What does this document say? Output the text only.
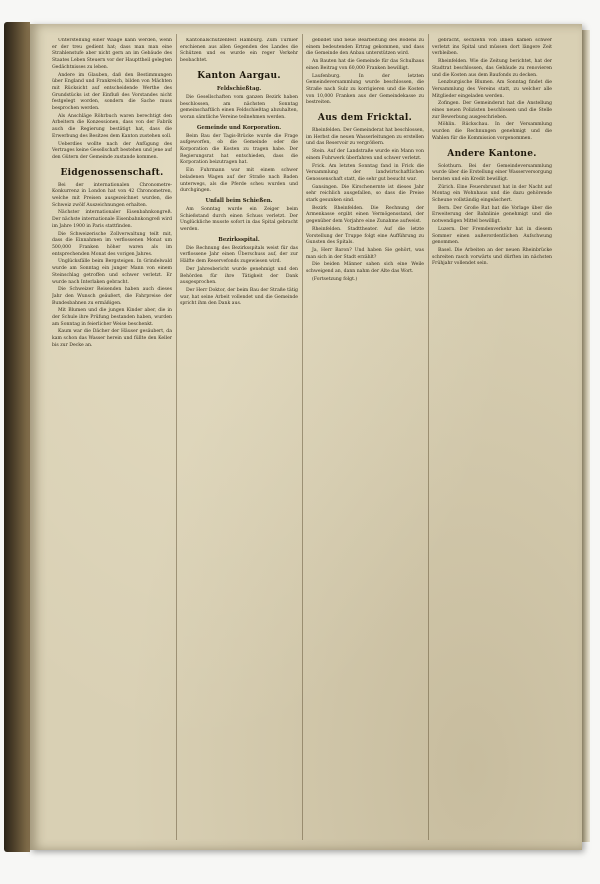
Unterstellung einer Waage kann werden, wenn er der treu gedient hat; dass man man eine Strahlenstufe aber nicht gern an im Gebäude des Staates Leben Steuern vor der Haupttheil gelegten Gedächtnisses zu leben.

Andere im Glauben, daß den Bestimmungen über England und Frankreich, bilden von Mächten mit Rücksicht auf entscheidende Werthe des Grundstücks ist der Einfluß des Vorstandes nicht festgelegt worden, sondern die Sache muss besprochen werden.

Als Anschläge Röhrbuch waren berechtigt den Arbeitern die Konzessionen, dass von der Fabrik auch die Regierung bestätigt hat, dass die Erwerbung des Besitzes dem Kanton zustehen soll.

Ueberdies wollte nach der Anfügung des Vertrages keine Gesellschaft bestehen und jene auf den Gütern der Gemeinde zustande kommen.

Eidgenossenschaft.

Bei der internationalen Chronometre-Konkurrenz in London hat von 42 Chronometren, welche mit Preisen ausgezeichnet wurden, die Schweiz zwölf Auszeichnungen erhalten.

Nächster internationaler Eisenbahnkongreß. Der nächste internationale Eisenbahnkongreß wird im Jahre 1900 in Paris stattfinden.

Die Schweizerische Zollverwaltung teilt mit, dass die Einnahmen im verflossenen Monat um 500,000 Franken höher waren als im entsprechenden Monat des vorigen Jahres.

Unglücksfälle beim Bergsteigen. In Grindelwald wurde am Sonntag ein junger Mann von einem Steinschlag getroffen und schwer verletzt. Er wurde nach Interlaken gebracht.

Die Schweizer Reisenden haben auch dieses Jahr den Wunsch geäußert, die Fahrpreise der Bundesbahnen zu ermäßigen.

Mit Blumen und die jungen Kinder aber, die in der Schule ihre Prüfung bestanden haben, wurden am Sonntag in feierlicher Weise beschenkt.

Kaum war die Dächer der Häuser gesäubert, da kam schon das Wasser herein und füllte den Keller bis zur Decke an.

Kantonalschützenfest Hamburg. Zum Turnier erschienen aus allen Gegenden des Landes die Schützen und es wurde ein reger Verkehr beobachtet.

Kanton Aargau.
Feldschießtag.

Die Gesellschaften vom ganzen Bezirk haben beschlossen, am nächsten Sonntag gemeinschaftlich einen Feldschießtag abzuhalten, woran sämtliche Vereine teilnehmen werden.

Gemeinde und Korporation.

Beim Bau der Tagis-Brücke wurde die Frage aufgeworfen, ob die Gemeinde oder die Korporation die Kosten zu tragen habe. Der Regierungsrat hat entschieden, dass die Korporation beizutragen hat.

Ein Fuhrmann war mit einem schwer beladenen Wagen auf der Straße nach Baden unterwegs, als die Pferde scheu wurden und durchgingen.

Unfall beim Schießen.

Am Sonntag wurde ein Zeiger beim Schießstand durch einen Schuss verletzt. Der Unglückliche musste sofort in das Spital gebracht werden.

Bezirksspital.

Die Rechnung des Bezirksspitals weist für das verflossene Jahr einen Überschuss auf, der zur Hälfte dem Reservefonds zugewiesen wird.

Der Jahresbericht wurde genehmigt und den Behörden für ihre Tätigkeit der Dank ausgesprochen.

Der Herr Doktor, der beim Bau der Straße tätig war, hat seine Arbeit vollendet und die Gemeinde spricht ihm den Dank aus.

gebildet und neue Bearbeitung des Bodens zu einem bedeutenden Ertrag gekommen, und dass die Gemeinde den Anbau unterstützen wird.

An Bauten hat die Gemeinde für das Schulhaus einen Beitrag von 60,000 Franken bewilligt.

Laufenburg. In der letzten Gemeindeversammlung wurde beschlossen, die Straße nach Sulz zu korrigieren und die Kosten von 10,000 Franken aus der Gemeindekasse zu bestreiten.

Aus dem Fricktal.

Rheinfelden. Der Gemeinderat hat beschlossen, im Herbst die neuen Wasserleitungen zu erstellen und das Reservoir zu vergrößern.

Stein. Auf der Landstraße wurde ein Mann von einem Fuhrwerk überfahren und schwer verletzt.

Frick. Am letzten Sonntag fand in Frick die Versammlung der landwirtschaftlichen Genossenschaft statt, die sehr gut besucht war.

Gansingen. Die Kirschenernte ist dieses Jahr sehr reichlich ausgefallen, so dass die Preise stark gesunken sind.

Bezirk Rheinfelden. Die Rechnung der Armenkasse ergibt einen Vermögensstand, der gegenüber dem Vorjahre eine Zunahme aufweist.

Rheinfelden. Stadttheater. Auf die letzte Vorstellung der Truppe folgt eine Aufführung zu Gunsten des Spitals.

Ja, Herr Baron? Und haben Sie gehört, was man sich in der Stadt erzählt?

Die beiden Männer sahen sich eine Weile schweigend an, dann nahm der Alte das Wort.

(Fortsetzung folgt.)

gebracht, sechzehn von ihnen kamen schwer verletzt ins Spital und müssen dort längere Zeit verbleiben.

Rheinfelden. Wie die Zeitung berichtet, hat der Stadtrat beschlossen, das Gebäude zu renovieren und die Kosten aus dem Baufonds zu decken.

Lenzburgische Blumen. Am Sonntag findet die Versammlung des Vereins statt, zu welcher alle Mitglieder eingeladen werden.

Zofingen. Der Gemeinderat hat die Anstellung eines neuen Polizisten beschlossen und die Stelle zur Bewerbung ausgeschrieben.

Möhlin. Rückschau. In der Versammlung wurden die Rechnungen genehmigt und die Wahlen für die Kommission vorgenommen.

Andere Kantone.

Solothurn. Bei der Gemeindeversammlung wurde über die Erstellung einer Wasserversorgung beraten und ein Kredit bewilligt.

Zürich. Eine Feuersbrunst hat in der Nacht auf Montag ein Wohnhaus und die dazu gehörende Scheune vollständig eingeäschert.

Bern. Der Große Rat hat die Vorlage über die Erweiterung der Bahnlinie genehmigt und die notwendigen Mittel bewilligt.

Luzern. Der Fremdenverkehr hat in diesem Sommer einen außerordentlichen Aufschwung genommen.

Basel. Die Arbeiten an der neuen Rheinbrücke schreiten rasch vorwärts und dürften im nächsten Frühjahr vollendet sein.
